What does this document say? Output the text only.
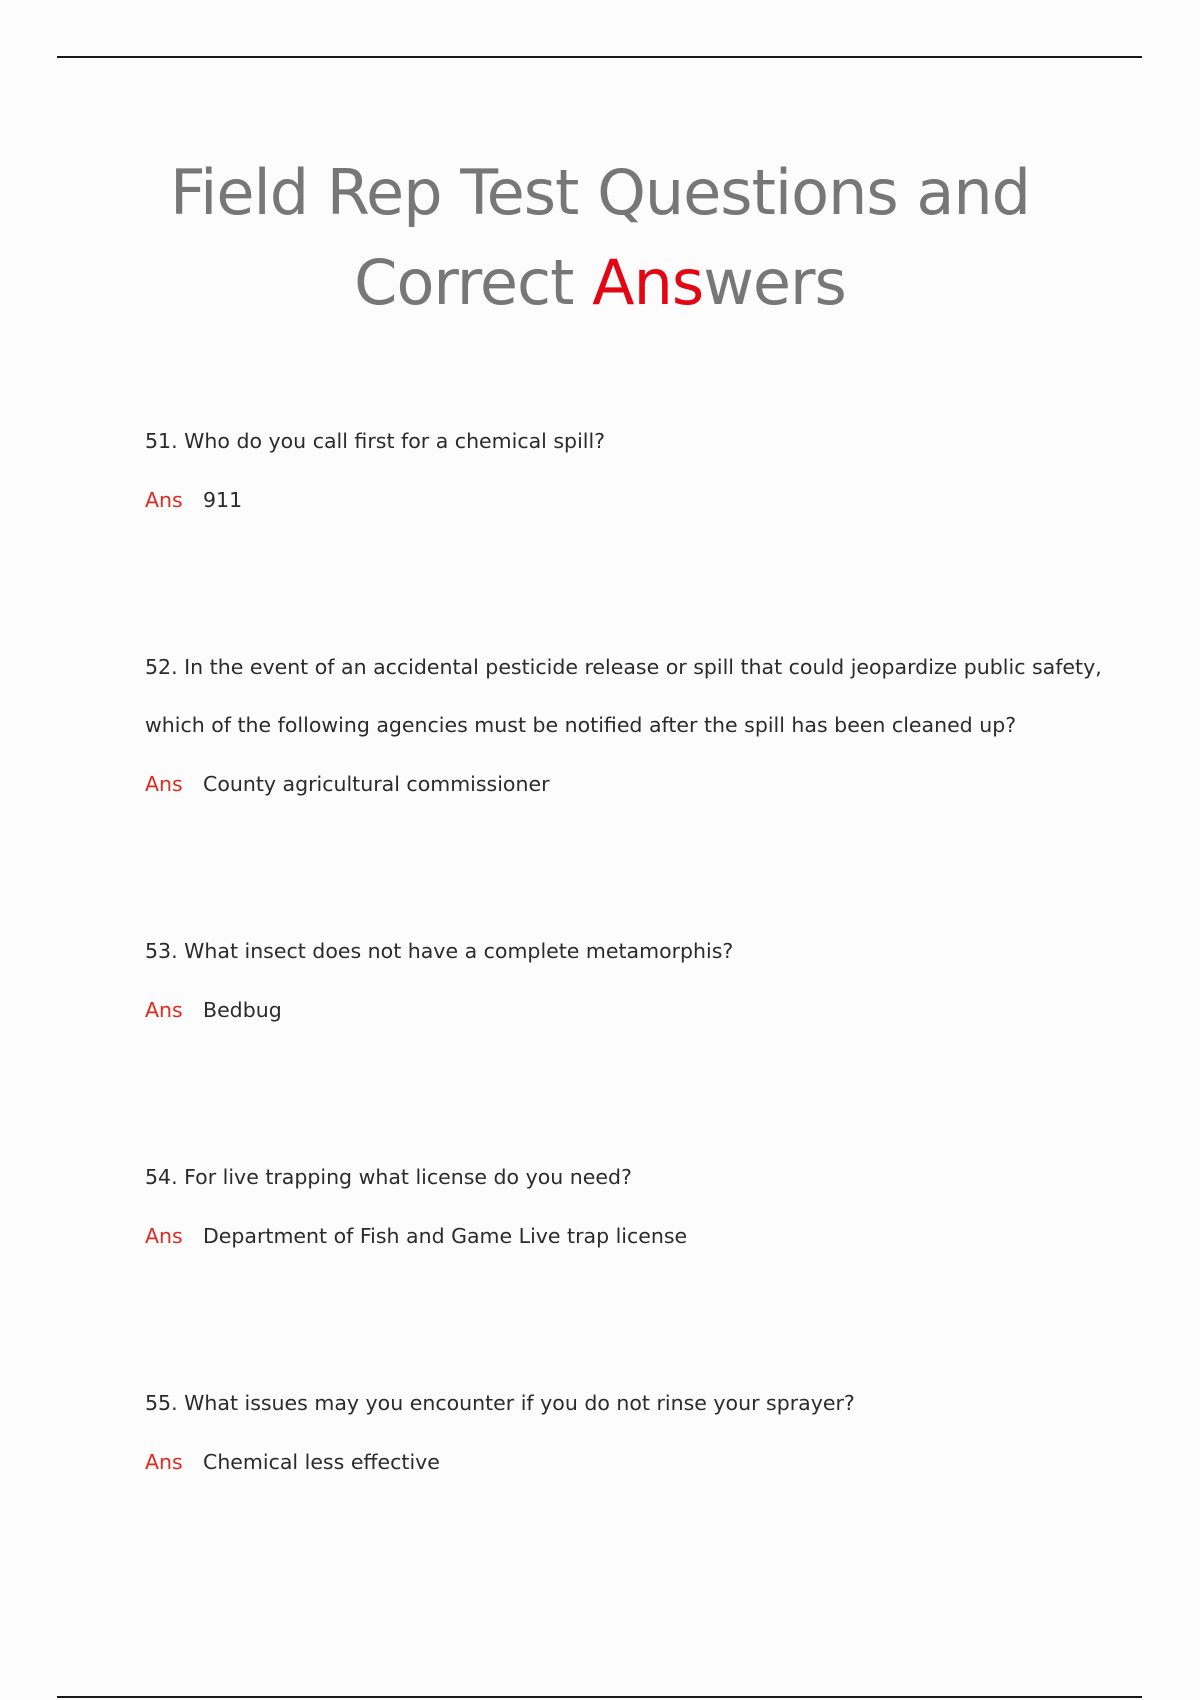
Field Rep Test Questions and
Correct Answers

51. Who do you call first for a chemical spill?

Ans 911

52. In the event of an accidental pesticide release or spill that could jeopardize public safety, which of the following agencies must be notified after the spill has been cleaned up?

Ans County agricultural commissioner

53. What insect does not have a complete metamorphis?

Ans Bedbug

54. For live trapping what license do you need?

Ans Department of Fish and Game Live trap license

55. What issues may you encounter if you do not rinse your sprayer?

Ans Chemical less effective
